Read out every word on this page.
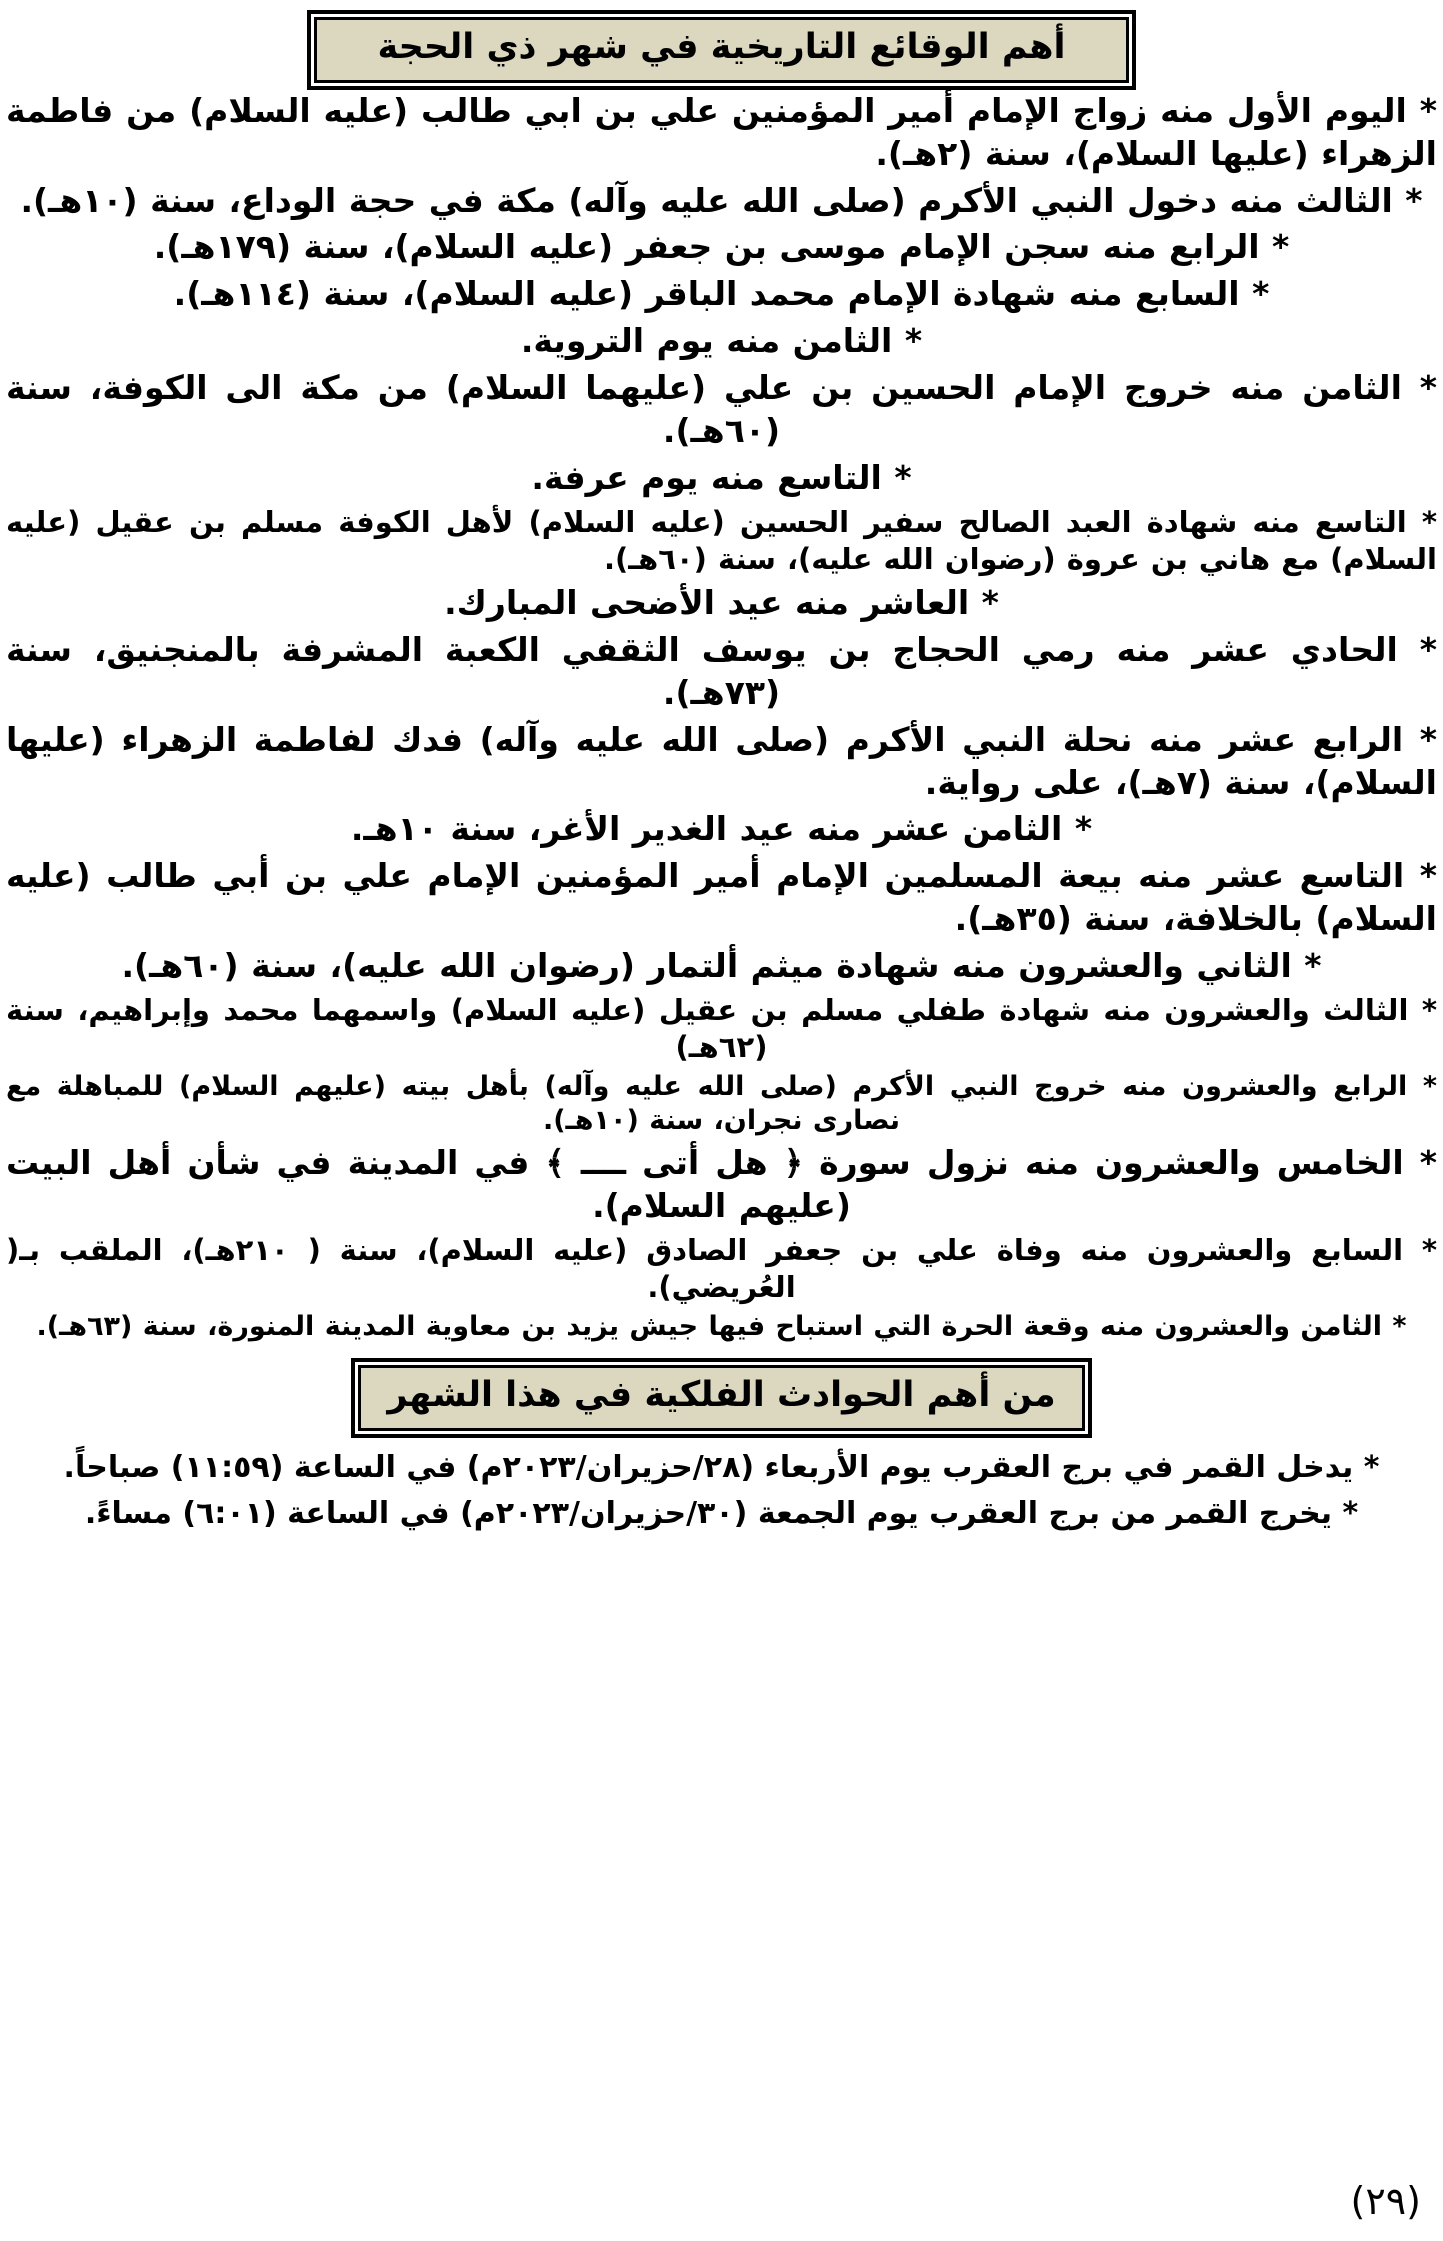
أهم الوقائع التاريخية في شهر ذي الحجة
* اليوم الأول منه زواج الإمام أمير المؤمنين علي بن ابي طالب (عليه السلام) من فاطمة الزهراء (عليها السلام)، سنة (٢هـ).
* الثالث منه دخول النبي الأكرم (صلى الله عليه وآله) مكة في حجة الوداع، سنة (١٠هـ).
* الرابع منه سجن الإمام موسى بن جعفر (عليه السلام)، سنة (١٧٩هـ).
* السابع منه شهادة الإمام محمد الباقر (عليه السلام)، سنة (١١٤هـ).
* الثامن منه يوم التروية.
* الثامن منه خروج الإمام الحسين بن علي (عليهما السلام) من مكة الى الكوفة، سنة (٦٠هـ).
* التاسع منه يوم عرفة.
* التاسع منه شهادة العبد الصالح سفير الحسين (عليه السلام) لأهل الكوفة مسلم بن عقيل (عليه السلام) مع هاني بن عروة (رضوان الله عليه)، سنة (٦٠هـ).
* العاشر منه عيد الأضحى المبارك.
* الحادي عشر منه رمي الحجاج بن يوسف الثقفي الكعبة المشرفة بالمنجنيق، سنة (٧٣هـ).
* الرابع عشر منه نحلة النبي الأكرم (صلى الله عليه وآله) فدك لفاطمة الزهراء (عليها السلام)، سنة (٧هـ)، على رواية.
* الثامن عشر منه عيد الغدير الأغر، سنة ١٠هـ.
* التاسع عشر منه بيعة المسلمين الإمام أمير المؤمنين الإمام علي بن أبي طالب (عليه السلام) بالخلافة، سنة (٣٥هـ).
* الثاني والعشرون منه شهادة ميثم ألتمار (رضوان الله عليه)، سنة (٦٠هـ).
* الثالث والعشرون منه شهادة طفلي مسلم بن عقيل (عليه السلام) واسمهما محمد وإبراهيم، سنة (٦٢هـ)
* الرابع والعشرون منه خروج النبي الأكرم (صلى الله عليه وآله) بأهل بيته (عليهم السلام) للمباهلة مع نصارى نجران، سنة (١٠هـ).
* الخامس والعشرون منه نزول سورة ﴿ هل أتى ــــ ﴾ في المدينة في شأن أهل البيت (عليهم السلام).
* السابع والعشرون منه وفاة علي بن جعفر الصادق (عليه السلام)، سنة ( ٢١٠هـ)، الملقب بـ( العُريضي).
* الثامن والعشرون منه وقعة الحرة التي استباح فيها جيش يزيد بن معاوية المدينة المنورة، سنة (٦٣هـ).
من أهم الحوادث الفلكية في هذا الشهر
* يدخل القمر في برج العقرب يوم الأربعاء (٢٨/حزيران/٢٠٢٣م) في الساعة (١١:٥٩) صباحاً.
* يخرج القمر من برج العقرب يوم الجمعة (٣٠/حزيران/٢٠٢٣م) في الساعة (٦:٠١) مساءً.
(٢٩)
